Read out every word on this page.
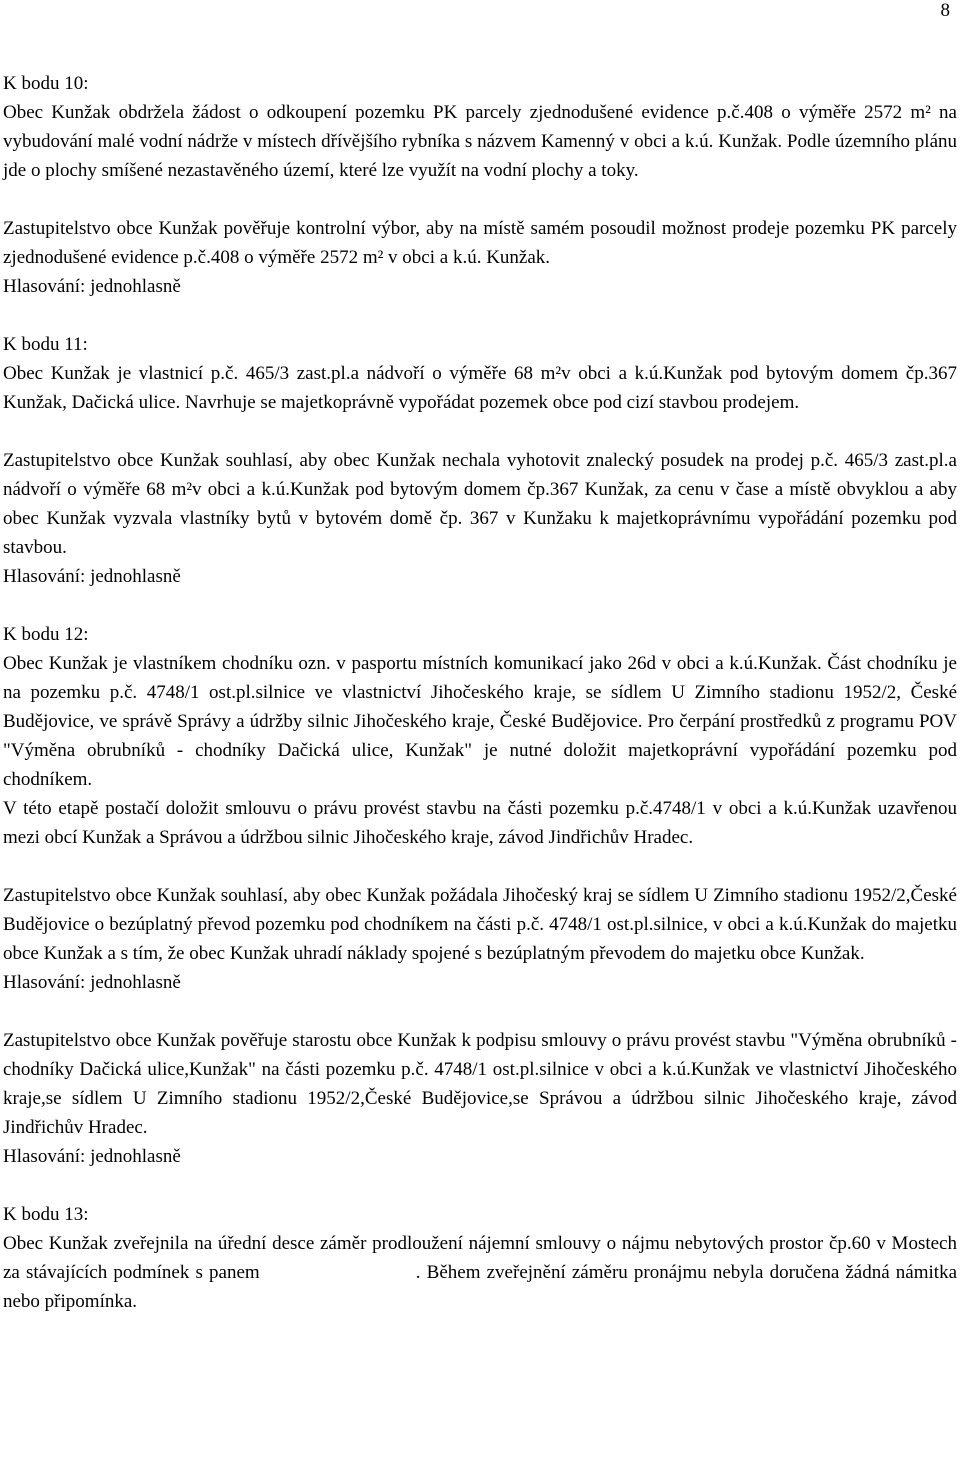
8

K bodu 10:

Obec Kunžak obdržela žádost o odkoupení pozemku PK parcely zjednodušené evidence p.č.408 o výměře 2572 m² na vybudování malé vodní nádrže v místech dřívějšího rybníka s názvem Kamenný v obci a k.ú. Kunžak. Podle územního plánu jde o plochy smíšené nezastavěného území, které lze využít na vodní plochy a toky.

Zastupitelstvo obce Kunžak pověřuje kontrolní výbor, aby na místě samém posoudil možnost prodeje pozemku PK parcely zjednodušené evidence p.č.408 o výměře 2572 m² v obci a k.ú. Kunžak.

Hlasování: jednohlasně

K bodu 11:

Obec Kunžak je vlastnicí p.č. 465/3 zast.pl.a nádvoří o výměře 68 m²v obci a k.ú.Kunžak pod bytovým domem čp.367 Kunžak, Dačická ulice. Navrhuje se majetkoprávně vypořádat pozemek obce pod cizí stavbou prodejem.

Zastupitelstvo obce Kunžak souhlasí, aby obec Kunžak nechala vyhotovit znalecký posudek na prodej p.č. 465/3 zast.pl.a nádvoří o výměře 68 m²v obci a k.ú.Kunžak pod bytovým domem čp.367 Kunžak, za cenu v čase a místě obvyklou a aby obec Kunžak vyzvala vlastníky bytů v bytovém domě čp. 367 v Kunžaku k majetkoprávnímu vypořádání pozemku pod stavbou.

Hlasování: jednohlasně

K bodu 12:

Obec Kunžak je vlastníkem chodníku ozn. v pasportu místních komunikací jako 26d v obci a k.ú.Kunžak. Část chodníku je na pozemku p.č. 4748/1 ost.pl.silnice ve vlastnictví Jihočeského kraje, se sídlem U Zimního stadionu 1952/2, České Budějovice, ve správě Správy a údržby silnic Jihočeského kraje, České Budějovice. Pro čerpání prostředků z programu POV "Výměna obrubníků - chodníky Dačická ulice, Kunžak" je nutné doložit majetkoprávní vypořádání pozemku pod chodníkem.

V této etapě postačí doložit smlouvu o právu provést stavbu na části pozemku p.č.4748/1 v obci a k.ú.Kunžak uzavřenou mezi obcí Kunžak a Správou a údržbou silnic Jihočeského kraje, závod Jindřichův Hradec.

Zastupitelstvo obce Kunžak souhlasí, aby obec Kunžak požádala Jihočeský kraj se sídlem U Zimního stadionu 1952/2,České Budějovice o bezúplatný převod pozemku pod chodníkem na části p.č. 4748/1 ost.pl.silnice, v obci a k.ú.Kunžak do majetku obce Kunžak a s tím, že obec Kunžak uhradí náklady spojené s bezúplatným převodem do majetku obce Kunžak.

Hlasování: jednohlasně

Zastupitelstvo obce Kunžak pověřuje starostu obce Kunžak k podpisu smlouvy o právu provést stavbu "Výměna obrubníků -chodníky Dačická ulice,Kunžak" na části pozemku p.č. 4748/1 ost.pl.silnice v obci a k.ú.Kunžak ve vlastnictví Jihočeského kraje,se sídlem U Zimního stadionu 1952/2,České Budějovice,se Správou a údržbou silnic Jihočeského kraje, závod Jindřichův Hradec.

Hlasování: jednohlasně

K bodu 13:

Obec Kunžak zveřejnila na úřední desce záměr prodloužení nájemní smlouvy o nájmu nebytových prostor čp.60 v Mostech za stávajících podmínek s panem	. Během zveřejnění záměru pronájmu nebyla doručena žádná námitka nebo připomínka.
